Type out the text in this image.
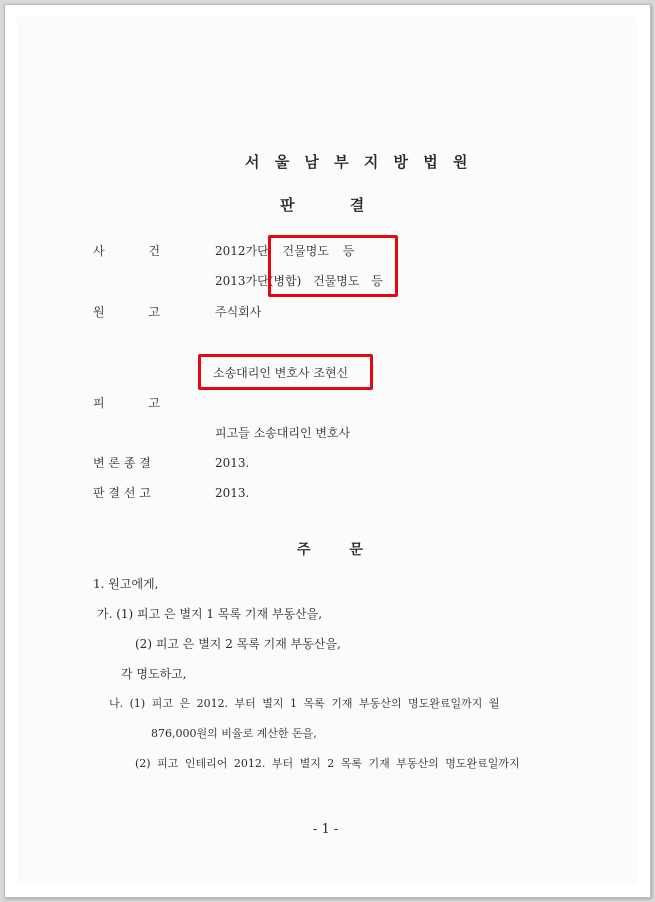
서 울 남 부 지 방 법 원
판 결
사 건	2012가단 건물명도 등
2013가단(병합) 건물명도 등
원 고	주식회사
소송대리인 변호사 조현신
피 고
피고들 소송대리인 변호사
변 론 종 결	2013.
판 결 선 고	2013.
주 문
1. 원고에게,
가. (1) 피고 은 별지 1 목록 기재 부동산을,
(2) 피고 은 별지 2 목록 기재 부동산을,
각 명도하고,
나. (1) 피고 은 2012. 부터 별지 1 목록 기재 부동산의 명도완료일까지 월
876,000원의 비율로 계산한 돈을,
(2) 피고 인테리어 2012. 부터 별지 2 목록 기재 부동산의 명도완료일까지
- 1 -
